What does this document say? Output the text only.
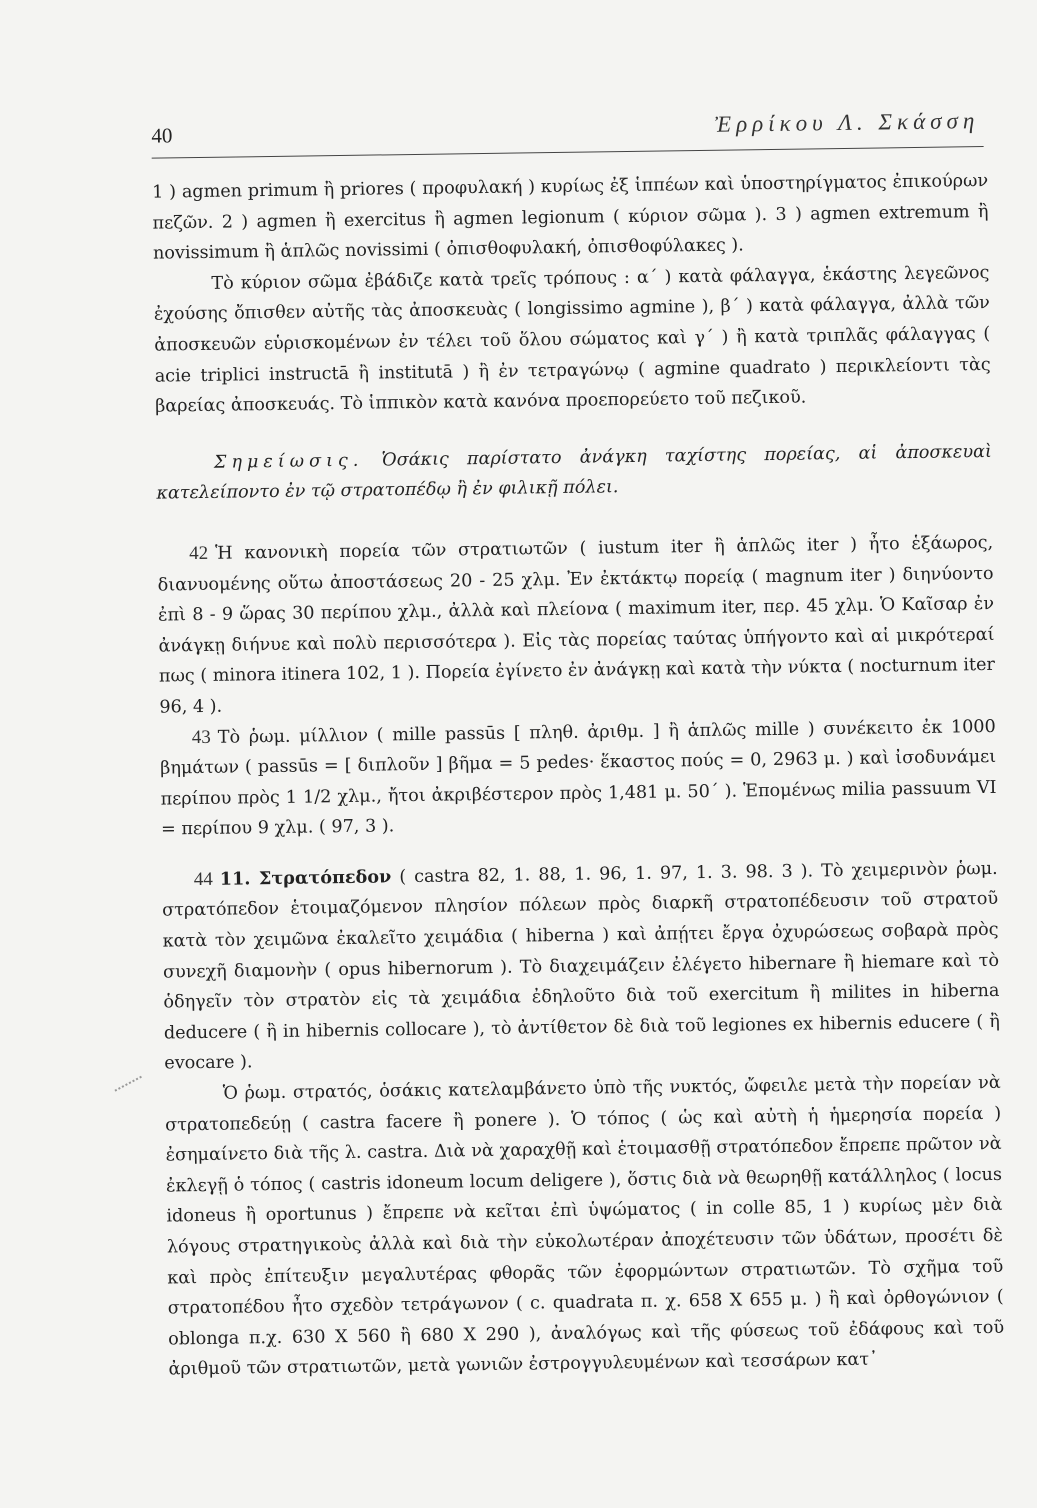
40	Ἐρρίκου Λ. Σκάσση

1 ) agmen primum ἢ priores ( προφυλακή ) κυρίως ἐξ ἱππέων καὶ ὑποστηρίγματος ἐπικούρων πεζῶν. 2 ) agmen ἢ exercitus ἢ agmen legionum ( κύριον σῶμα ). 3 ) agmen extremum ἢ novissimum ἢ ἁπλῶς novissimi ( ὀπισθοφυλακή, ὀπισθοφύλακες ).

Τὸ κύριον σῶμα ἐβάδιζε κατὰ τρεῖς τρόπους : α΄ ) κατὰ φάλαγγα, ἑκάστης λεγεῶνος ἐχούσης ὄπισθεν αὐτῆς τὰς ἀποσκευὰς ( longissimo agmine ), β΄ ) κατὰ φάλαγγα, ἀλλὰ τῶν ἀποσκευῶν εὑρισκομένων ἐν τέλει τοῦ ὅλου σώματος καὶ γ΄ ) ἢ κατὰ τριπλᾶς φάλαγγας ( acie triplici instructā ἢ institutā ) ἢ ἐν τετραγώνῳ ( agmine quadrato ) περικλείοντι τὰς βαρείας ἀποσκευάς. Τὸ ἱππικὸν κατὰ κανόνα προεπορεύετο τοῦ πεζικοῦ.

Σημείωσις. Ὁσάκις παρίστατο ἀνάγκη ταχίστης πορείας, αἱ ἀποσκευαὶ κατελείποντο ἐν τῷ στρατοπέδῳ ἢ ἐν φιλικῇ πόλει.

42 Ἡ κανονικὴ πορεία τῶν στρατιωτῶν ( iustum iter ἢ ἁπλῶς iter ) ἦτο ἑξάωρος, διανυομένης οὕτω ἀποστάσεως 20 - 25 χλμ. Ἐν ἐκτάκτῳ πορείᾳ ( magnum iter ) διηνύοντο ἐπὶ 8 - 9 ὥρας 30 περίπου χλμ., ἀλλὰ καὶ πλείονα ( maximum iter, περ. 45 χλμ. Ὁ Καῖσαρ ἐν ἀνάγκῃ διήνυε καὶ πολὺ περισσότερα ). Εἰς τὰς πορείας ταύτας ὑπήγοντο καὶ αἱ μικρότεραί πως ( minora itinera 102, 1 ). Πορεία ἐγίνετο ἐν ἀνάγκῃ καὶ κατὰ τὴν νύκτα ( nocturnum iter 96, 4 ).

43 Τὸ ῥωμ. μίλλιον ( mille passūs [ πληθ. ἀριθμ. ] ἢ ἁπλῶς mille ) συνέκειτο ἐκ 1000 βημάτων ( passūs = [ διπλοῦν ] βῆμα = 5 pedes· ἕκαστος πούς = 0, 2963 μ. ) καὶ ἰσοδυνάμει περίπου πρὸς 1 1/2 χλμ., ἤτοι ἀκριβέστερον πρὸς 1,481 μ. 50΄ ). Ἑπομένως milia passuum VI = περίπου 9 χλμ. ( 97, 3 ).

44 11. Στρατόπεδον ( castra 82, 1. 88, 1. 96, 1. 97, 1. 3. 98. 3 ). Τὸ χειμερινὸν ῥωμ. στρατόπεδον ἑτοιμαζόμενον πλησίον πόλεων πρὸς διαρκῆ στρατοπέδευσιν τοῦ στρατοῦ κατὰ τὸν χειμῶνα ἐκαλεῖτο χειμάδια ( hiberna ) καὶ ἀπῄτει ἔργα ὀχυρώσεως σοβαρὰ πρὸς συνεχῆ διαμονὴν ( opus hibernorum ). Τὸ διαχειμάζειν ἐλέγετο hibernare ἢ hiemare καὶ τὸ ὁδηγεῖν τὸν στρατὸν εἰς τὰ χειμάδια ἐδηλοῦτο διὰ τοῦ exercitum ἢ milites in hiberna deducere ( ἢ in hibernis collocare ), τὸ ἀντίθετον δὲ διὰ τοῦ legiones ex hibernis educere ( ἢ evocare ).

Ὁ ῥωμ. στρατός, ὁσάκις κατελαμβάνετο ὑπὸ τῆς νυκτός, ὤφειλε μετὰ τὴν πορείαν νὰ στρατοπεδεύῃ ( castra facere ἢ ponere ). Ὁ τόπος ( ὡς καὶ αὐτὴ ἡ ἡμερησία πορεία ) ἐσημαίνετο διὰ τῆς λ. castra. Διὰ νὰ χαραχθῇ καὶ ἑτοιμασθῇ στρατόπεδον ἔπρεπε πρῶτον νὰ ἐκλεγῇ ὁ τόπος ( castris idoneum locum deligere ), ὅστις διὰ νὰ θεωρηθῇ κατάλληλος ( locus idoneus ἢ oportunus ) ἔπρεπε νὰ κεῖται ἐπὶ ὑψώματος ( in colle 85, 1 ) κυρίως μὲν διὰ λόγους στρατηγικοὺς ἀλλὰ καὶ διὰ τὴν εὐκολωτέραν ἀποχέτευσιν τῶν ὑδάτων, προσέτι δὲ καὶ πρὸς ἐπίτευξιν μεγαλυτέρας φθορᾶς τῶν ἐφορμώντων στρατιωτῶν. Τὸ σχῆμα τοῦ στρατοπέδου ἦτο σχεδὸν τετράγωνον ( c. quadrata π. χ. 658 Χ 655 μ. ) ἢ καὶ ὀρθογώνιον ( oblonga π.χ. 630 Χ 560 ἢ 680 Χ 290 ), ἀναλόγως καὶ τῆς φύσεως τοῦ ἐδάφους καὶ τοῦ ἀριθμοῦ τῶν στρατιωτῶν, μετὰ γωνιῶν ἐστρογγυλευμένων καὶ τεσσάρων κατ᾽
